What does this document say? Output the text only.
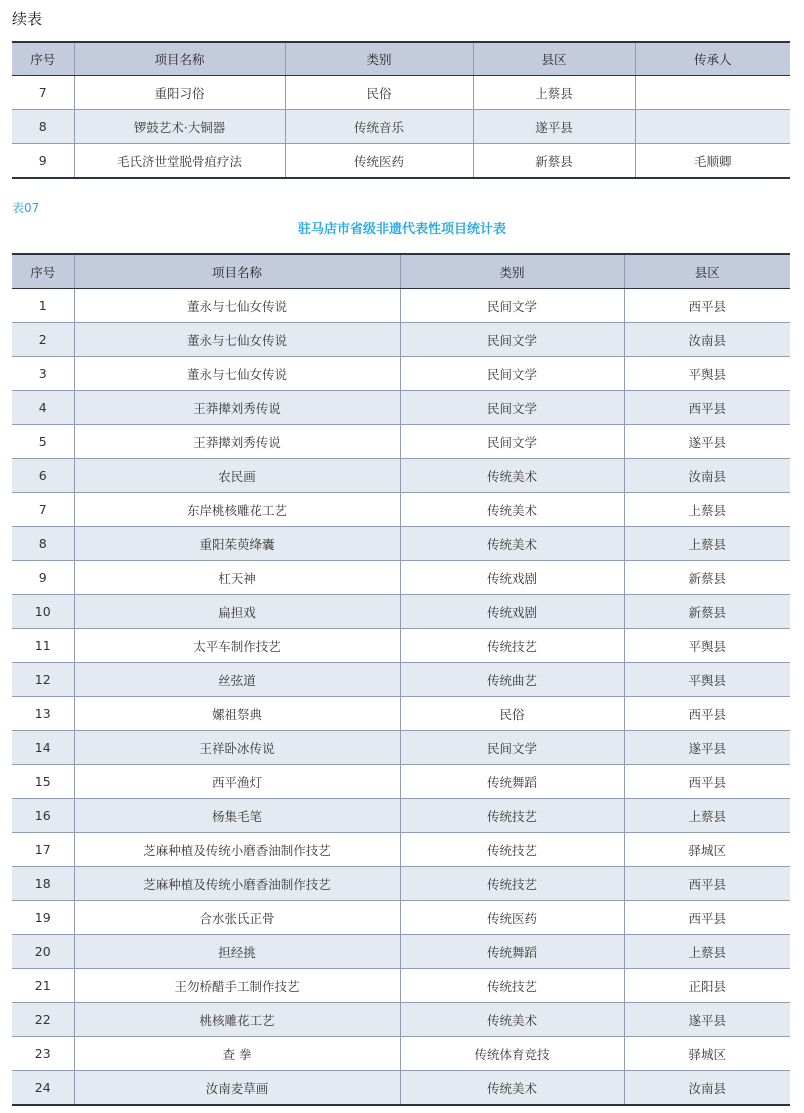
续表
序号	项目名称	类别	县区	传承人
7	重阳习俗	民俗	上蔡县	
8	锣鼓艺术·大铜器	传统音乐	遂平县	
9	毛氏济世堂脱骨疽疗法	传统医药	新蔡县	毛顺卿
表07
驻马店市省级非遗代表性项目统计表
序号	项目名称	类别	县区
1	董永与七仙女传说	民间文学	西平县
2	董永与七仙女传说	民间文学	汝南县
3	董永与七仙女传说	民间文学	平舆县
4	王莽撵刘秀传说	民间文学	西平县
5	王莽撵刘秀传说	民间文学	遂平县
6	农民画	传统美术	汝南县
7	东岸桃核雕花工艺	传统美术	上蔡县
8	重阳茱萸绛囊	传统美术	上蔡县
9	杠天神	传统戏剧	新蔡县
10	扁担戏	传统戏剧	新蔡县
11	太平车制作技艺	传统技艺	平舆县
12	丝弦道	传统曲艺	平舆县
13	嫘祖祭典	民俗	西平县
14	王祥卧冰传说	民间文学	遂平县
15	西平渔灯	传统舞蹈	西平县
16	杨集毛笔	传统技艺	上蔡县
17	芝麻种植及传统小磨香油制作技艺	传统技艺	驿城区
18	芝麻种植及传统小磨香油制作技艺	传统技艺	西平县
19	合水张氏正骨	传统医药	西平县
20	担经挑	传统舞蹈	上蔡县
21	王勿桥醋手工制作技艺	传统技艺	正阳县
22	桃核雕花工艺	传统美术	遂平县
23	查 拳	传统体育竞技	驿城区
24	汝南麦草画	传统美术	汝南县
